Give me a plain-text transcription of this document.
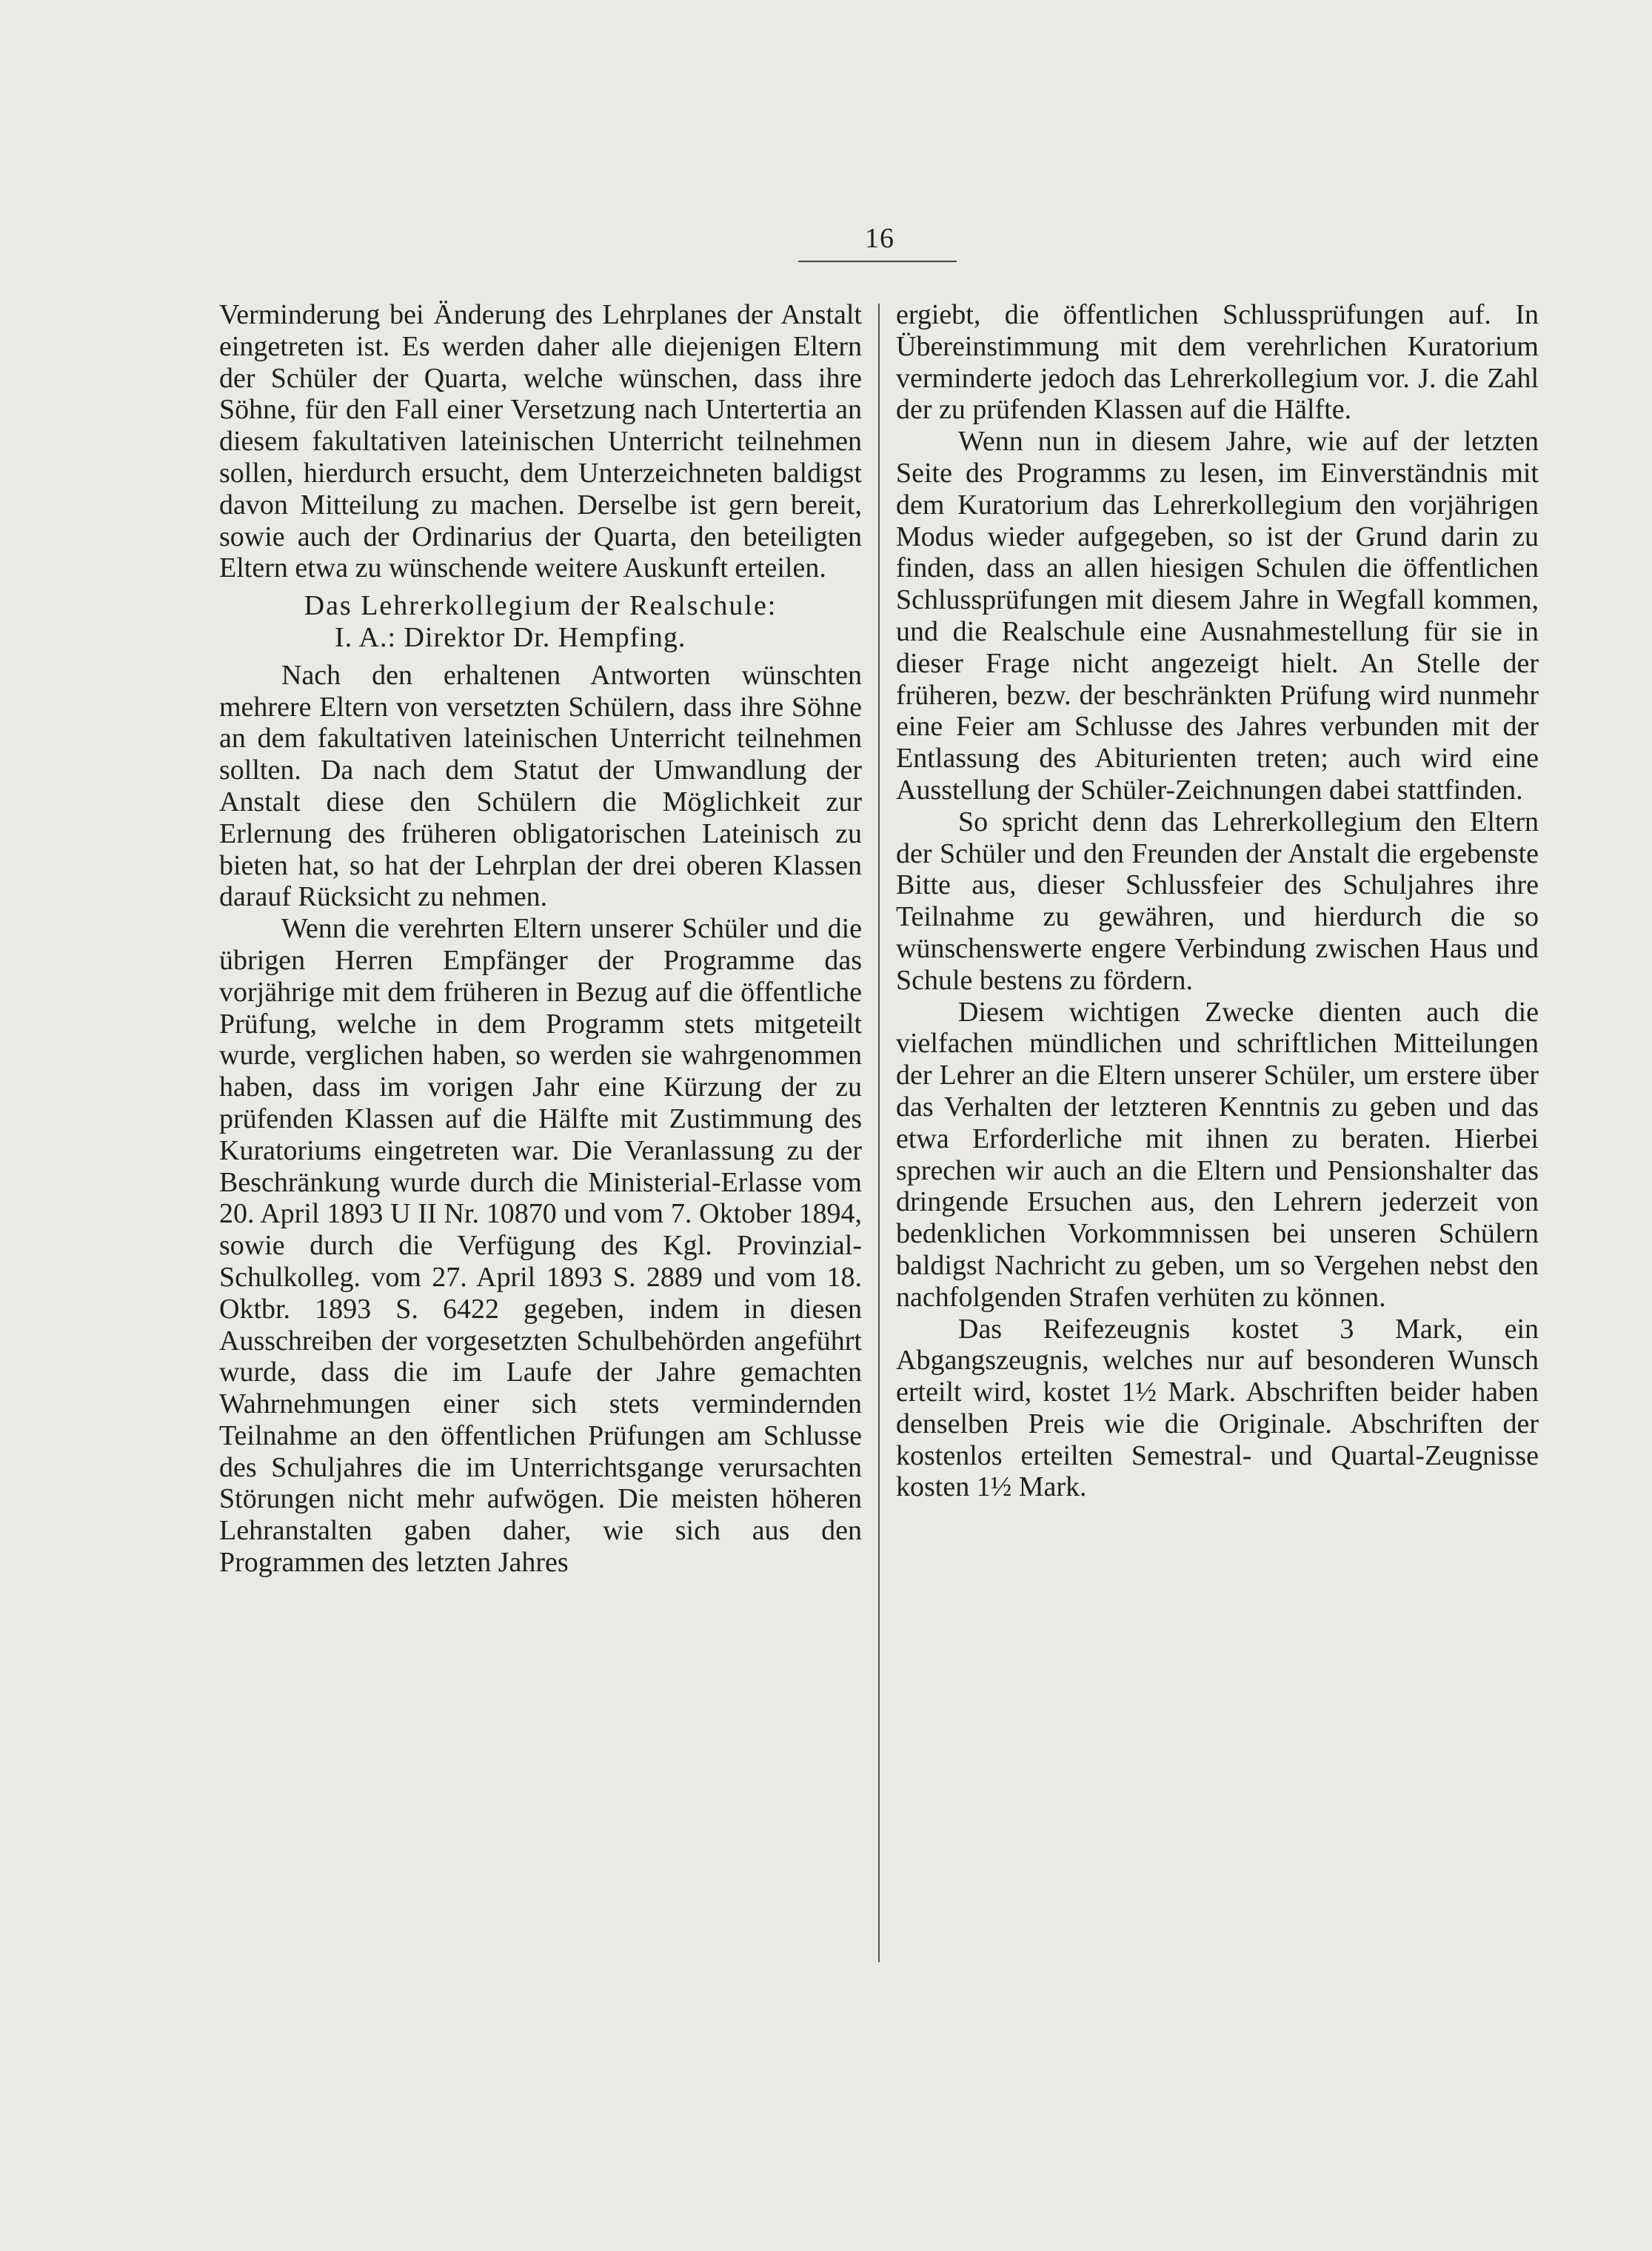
16

Verminderung bei Änderung des Lehrplanes der Anstalt eingetreten ist. Es werden daher alle diejenigen Eltern der Schüler der Quarta, welche wünschen, dass ihre Söhne, für den Fall einer Versetzung nach Untertertia an diesem fakultativen lateinischen Unterricht teilnehmen sollen, hierdurch ersucht, dem Unterzeichneten baldigst davon Mitteilung zu machen. Derselbe ist gern bereit, sowie auch der Ordinarius der Quarta, den beteiligten Eltern etwa zu wünschende weitere Auskunft erteilen.

Das Lehrerkollegium der Realschule:
I. A.: Direktor Dr. Hempfing.

Nach den erhaltenen Antworten wünschten mehrere Eltern von versetzten Schülern, dass ihre Söhne an dem fakultativen lateinischen Unterricht teilnehmen sollten. Da nach dem Statut der Umwandlung der Anstalt diese den Schülern die Möglichkeit zur Erlernung des früheren obligatorischen Lateinisch zu bieten hat, so hat der Lehrplan der drei oberen Klassen darauf Rücksicht zu nehmen.

Wenn die verehrten Eltern unserer Schüler und die übrigen Herren Empfänger der Programme das vorjährige mit dem früheren in Bezug auf die öffentliche Prüfung, welche in dem Programm stets mitgeteilt wurde, verglichen haben, so werden sie wahrgenommen haben, dass im vorigen Jahr eine Kürzung der zu prüfenden Klassen auf die Hälfte mit Zustimmung des Kuratoriums eingetreten war. Die Veranlassung zu der Beschränkung wurde durch die Ministerial-Erlasse vom 20. April 1893 U II Nr. 10870 und vom 7. Oktober 1894, sowie durch die Verfügung des Kgl. Provinzial-Schulkolleg. vom 27. April 1893 S. 2889 und vom 18. Oktbr. 1893 S. 6422 gegeben, indem in diesen Ausschreiben der vorgesetzten Schulbehörden angeführt wurde, dass die im Laufe der Jahre gemachten Wahrnehmungen einer sich stets vermindernden Teilnahme an den öffentlichen Prüfungen am Schlusse des Schuljahres die im Unterrichtsgange verursachten Störungen nicht mehr aufwögen. Die meisten höheren Lehranstalten gaben daher, wie sich aus den Programmen des letzten Jahres

ergiebt, die öffentlichen Schlussprüfungen auf. In Übereinstimmung mit dem verehrlichen Kuratorium verminderte jedoch das Lehrerkollegium vor. J. die Zahl der zu prüfenden Klassen auf die Hälfte.

Wenn nun in diesem Jahre, wie auf der letzten Seite des Programms zu lesen, im Einverständnis mit dem Kuratorium das Lehrerkollegium den vorjährigen Modus wieder aufgegeben, so ist der Grund darin zu finden, dass an allen hiesigen Schulen die öffentlichen Schlussprüfungen mit diesem Jahre in Wegfall kommen, und die Realschule eine Ausnahmestellung für sie in dieser Frage nicht angezeigt hielt. An Stelle der früheren, bezw. der beschränkten Prüfung wird nunmehr eine Feier am Schlusse des Jahres verbunden mit der Entlassung des Abiturienten treten; auch wird eine Ausstellung der Schüler-Zeichnungen dabei stattfinden.

So spricht denn das Lehrerkollegium den Eltern der Schüler und den Freunden der Anstalt die ergebenste Bitte aus, dieser Schlussfeier des Schuljahres ihre Teilnahme zu gewähren, und hierdurch die so wünschenswerte engere Verbindung zwischen Haus und Schule bestens zu fördern.

Diesem wichtigen Zwecke dienten auch die vielfachen mündlichen und schriftlichen Mitteilungen der Lehrer an die Eltern unserer Schüler, um erstere über das Verhalten der letzteren Kenntnis zu geben und das etwa Erforderliche mit ihnen zu beraten. Hierbei sprechen wir auch an die Eltern und Pensionshalter das dringende Ersuchen aus, den Lehrern jederzeit von bedenklichen Vorkommnissen bei unseren Schülern baldigst Nachricht zu geben, um so Vergehen nebst den nachfolgenden Strafen verhüten zu können.

Das Reifezeugnis kostet 3 Mark, ein Abgangszeugnis, welches nur auf besonderen Wunsch erteilt wird, kostet 1½ Mark. Abschriften beider haben denselben Preis wie die Originale. Abschriften der kostenlos erteilten Semestral- und Quartal-Zeugnisse kosten 1½ Mark.
